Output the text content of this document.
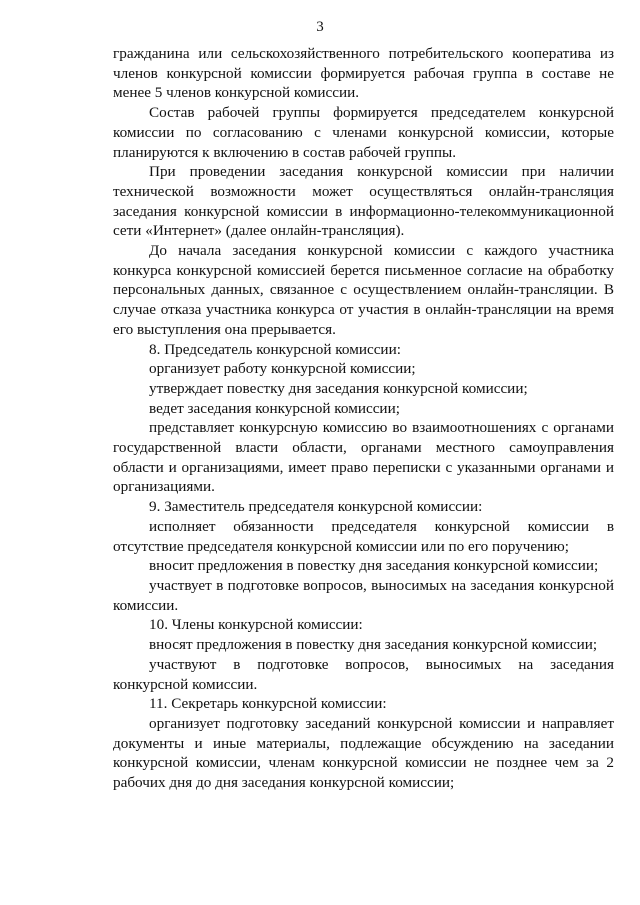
3

гражданина или сельскохозяйственного потребительского кооператива из членов конкурсной комиссии формируется рабочая группа в составе не менее 5 членов конкурсной комиссии.

Состав рабочей группы формируется председателем конкурсной комиссии по согласованию с членами конкурсной комиссии, которые планируются к включению в состав рабочей группы.

При проведении заседания конкурсной комиссии при наличии технической возможности может осуществляться онлайн-трансляция заседания конкурсной комиссии в информационно-телекоммуникационной сети «Интернет» (далее онлайн-трансляция).

До начала заседания конкурсной комиссии с каждого участника конкурса конкурсной комиссией берется письменное согласие на обработку персональных данных, связанное с осуществлением онлайн-трансляции. В случае отказа участника конкурса от участия в онлайн-трансляции на время его выступления она прерывается.

8. Председатель конкурсной комиссии:

организует работу конкурсной комиссии;

утверждает повестку дня заседания конкурсной комиссии;

ведет заседания конкурсной комиссии;

представляет конкурсную комиссию во взаимоотношениях с органами государственной власти области, органами местного самоуправления области и организациями, имеет право переписки с указанными органами и организациями.

9. Заместитель председателя конкурсной комиссии:

исполняет обязанности председателя конкурсной комиссии в отсутствие председателя конкурсной комиссии или по его поручению;

вносит предложения в повестку дня заседания конкурсной комиссии;

участвует в подготовке вопросов, выносимых на заседания конкурсной комиссии.

10. Члены конкурсной комиссии:

вносят предложения в повестку дня заседания конкурсной комиссии;

участвуют в подготовке вопросов, выносимых на заседания конкурсной комиссии.

11. Секретарь конкурсной комиссии:

организует подготовку заседаний конкурсной комиссии и направляет документы и иные материалы, подлежащие обсуждению на заседании конкурсной комиссии, членам конкурсной комиссии не позднее чем за 2 рабочих дня до дня заседания конкурсной комиссии;
